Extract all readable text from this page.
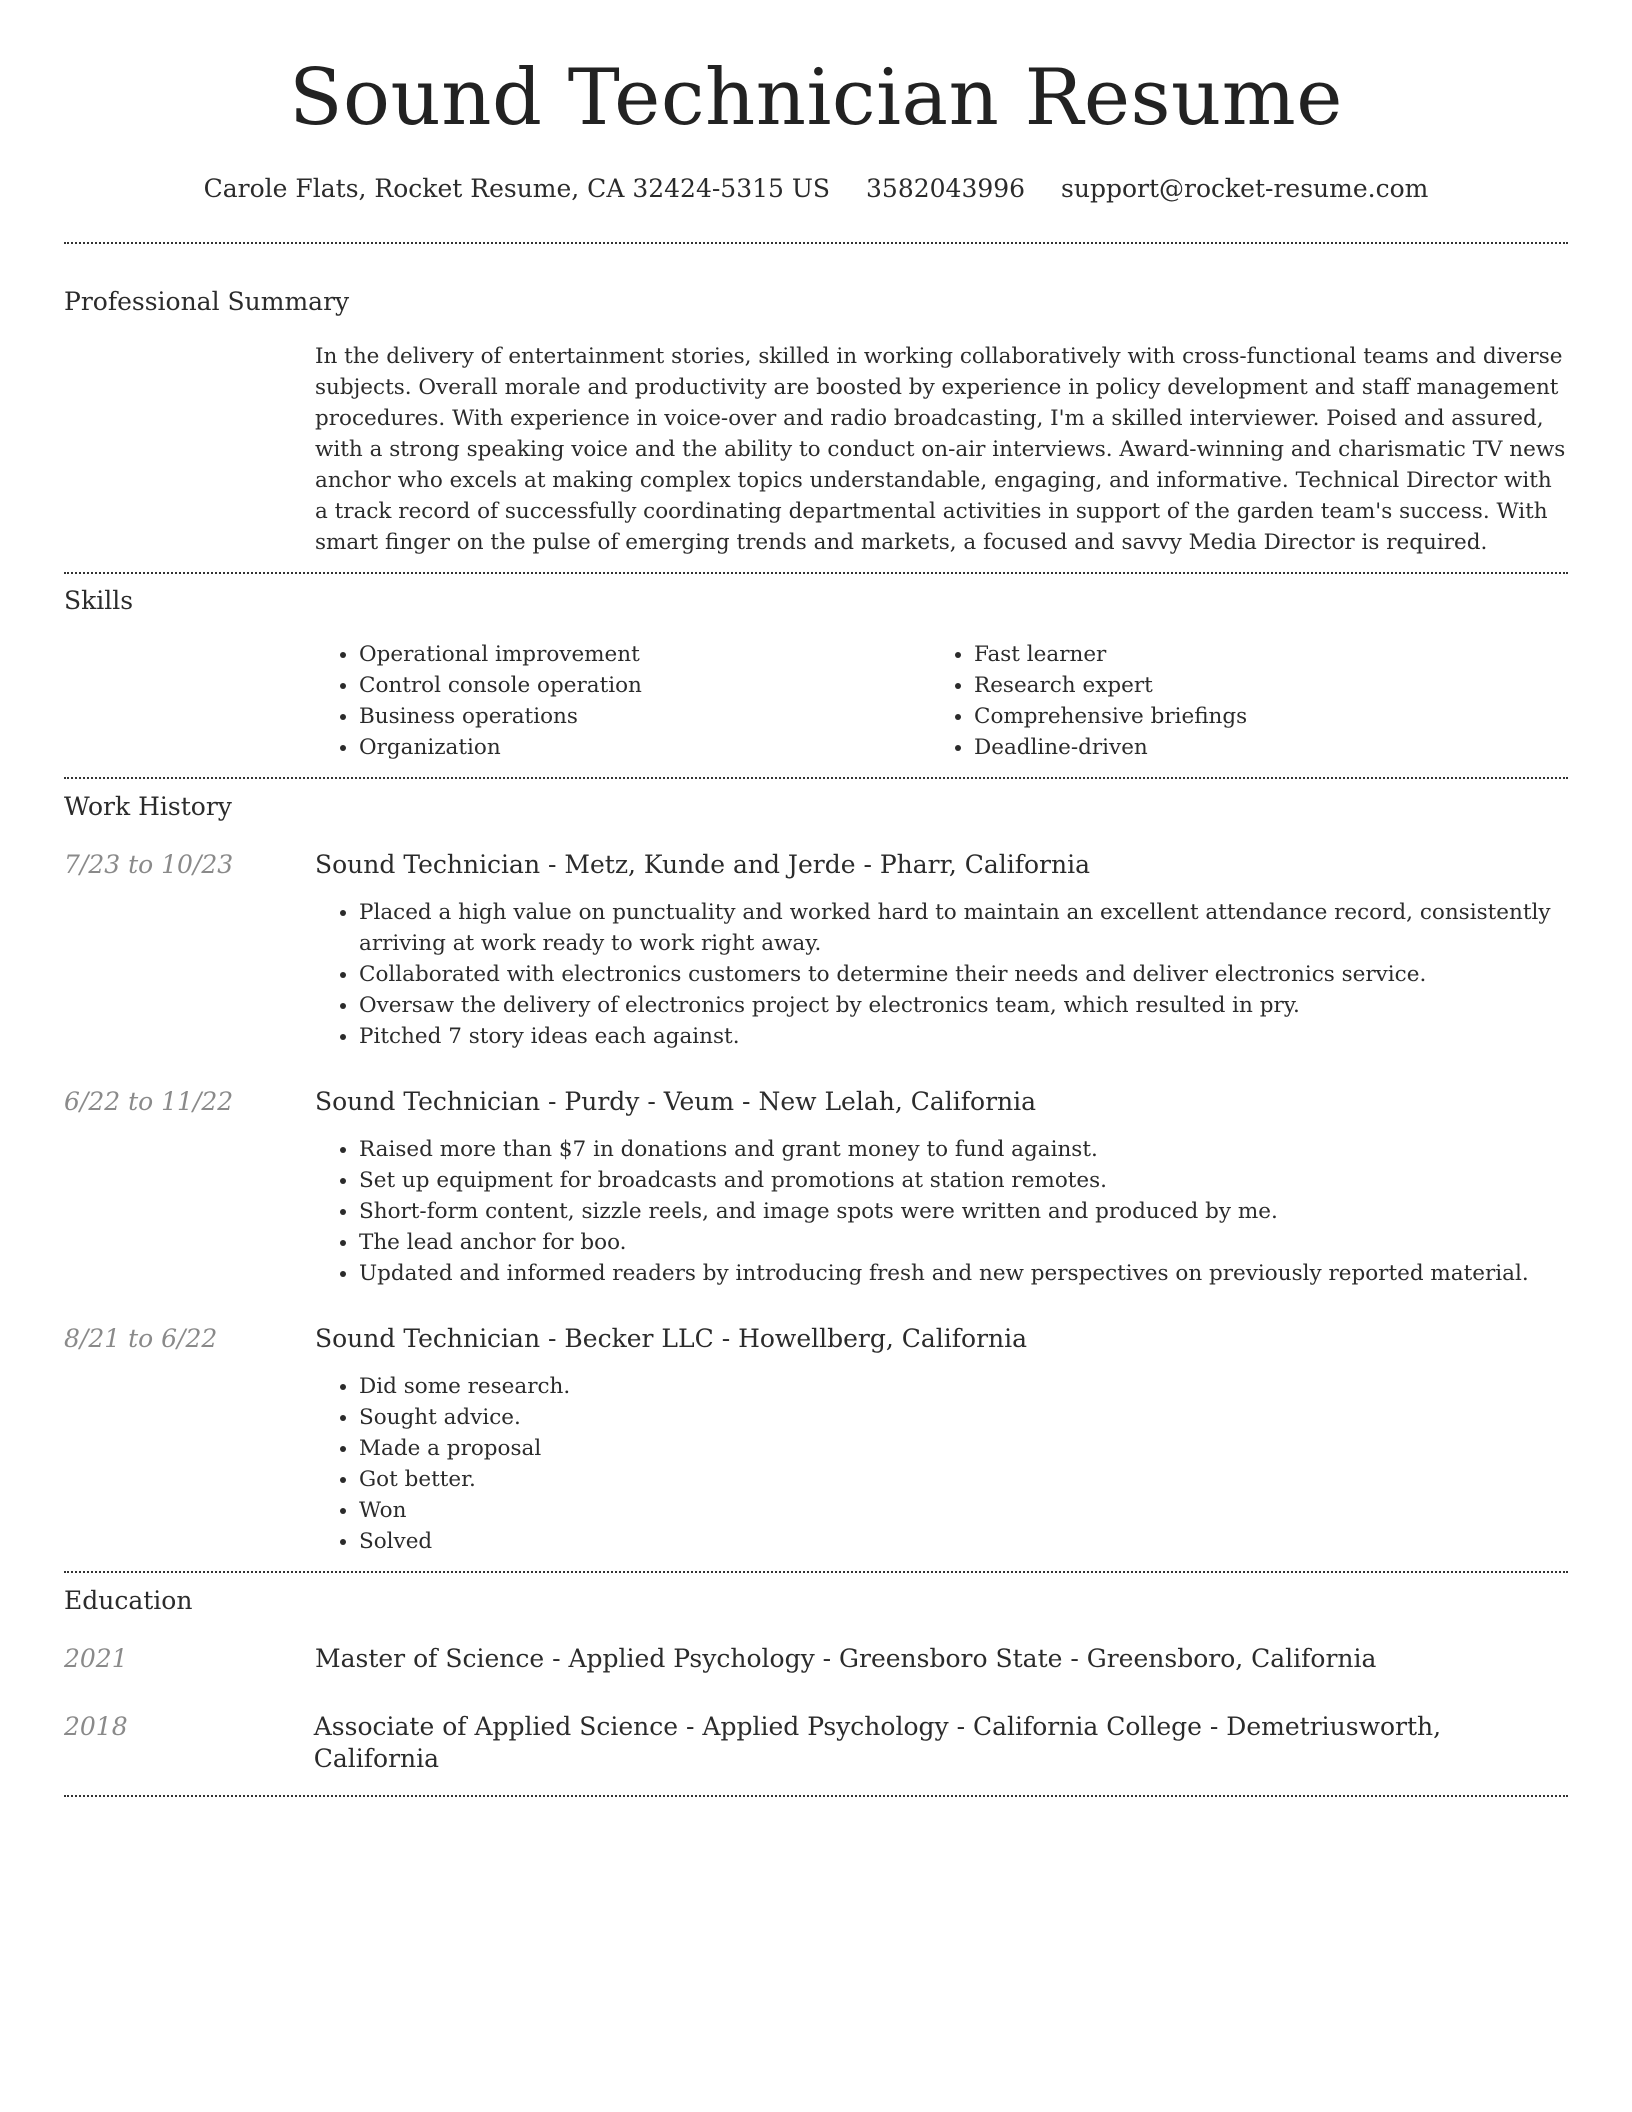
Sound Technician Resume
Carole Flats, Rocket Resume, CA 32424-5315 US 3582043996 support@rocket-resume.com
Professional Summary
In the delivery of entertainment stories, skilled in working collaboratively with cross-functional teams and diverse subjects. Overall morale and productivity are boosted by experience in policy development and staff management procedures. With experience in voice-over and radio broadcasting, I'm a skilled interviewer. Poised and assured, with a strong speaking voice and the ability to conduct on-air interviews. Award-winning and charismatic TV news anchor who excels at making complex topics understandable, engaging, and informative. Technical Director with a track record of successfully coordinating departmental activities in support of the garden team's success. With smart finger on the pulse of emerging trends and markets, a focused and savvy Media Director is required.
Skills
• Operational improvement
• Control console operation
• Business operations
• Organization
• Fast learner
• Research expert
• Comprehensive briefings
• Deadline-driven
Work History
7/23 to 10/23	Sound Technician - Metz, Kunde and Jerde - Pharr, California
• Placed a high value on punctuality and worked hard to maintain an excellent attendance record, consistently arriving at work ready to work right away.
• Collaborated with electronics customers to determine their needs and deliver electronics service.
• Oversaw the delivery of electronics project by electronics team, which resulted in pry.
• Pitched 7 story ideas each against.
6/22 to 11/22	Sound Technician - Purdy - Veum - New Lelah, California
• Raised more than $7 in donations and grant money to fund against.
• Set up equipment for broadcasts and promotions at station remotes.
• Short-form content, sizzle reels, and image spots were written and produced by me.
• The lead anchor for boo.
• Updated and informed readers by introducing fresh and new perspectives on previously reported material.
8/21 to 6/22	Sound Technician - Becker LLC - Howellberg, California
• Did some research.
• Sought advice.
• Made a proposal
• Got better.
• Won
• Solved
Education
2021	Master of Science - Applied Psychology - Greensboro State - Greensboro, California
2018	Associate of Applied Science - Applied Psychology - California College - Demetriusworth, California
